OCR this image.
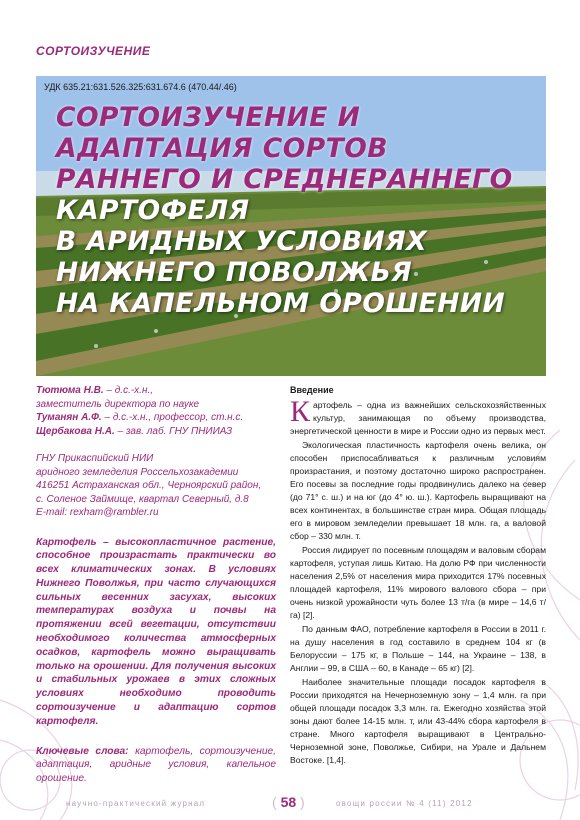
СОРТОИЗУЧЕНИЕ
УДК 635.21:631.526.325:631.674.6 (470.44/.46)
СОРТОИЗУЧЕНИЕ И
АДАПТАЦИЯ СОРТОВ
РАННЕГО И СРЕДНЕРАННЕГО
КАРТОФЕЛЯ
В АРИДНЫХ УСЛОВИЯХ
НИЖНЕГО ПОВОЛЖЬЯ
НА КАПЕЛЬНОМ ОРОШЕНИИ

Тютюма Н.В. – д.с.-х.н.,

заместитель директора по науке

Туманян А.Ф. – д.с.-х.н., профессор, ст.н.с.

Щербакова Н.А. – зав. лаб. ГНУ ПНИИАЗ

ГНУ Прикаспийский НИИ

аридного земледелия Россельхозакадемии

416251 Астраханская обл., Черноярский район,

с. Соленое Займище, квартал Северный, д.8

E-mail: rexham@rambler.ru

Картофель – высокопластичное растение, способное произрастать практически во всех климатических зонах. В условиях Нижнего Поволжья, при часто случающихся сильных весенних засухах, высоких температурах воздуха и почвы на протяжении всей вегетации, отсутствии необходимого количества атмосферных осадков, картофель можно выращивать только на орошении. Для получения высоких и стабильных урожаев в этих сложных условиях необходимо проводить сортоизучение и адаптацию сортов картофеля.
Ключевые слова: картофель, сортоизучение, адаптация, аридные условия, капельное орошение.
Введение

Картофель – одна из важнейших сельскохозяйственных культур, занимающая по объему производства, энергетической ценности в мире и России одно из первых мест.

Экологическая пластичность картофеля очень велика, он способен приспосабливаться к различным условиям произрастания, и поэтому достаточно широко распространен. Его посевы за последние годы продвинулись далеко на север (до 71° с. ш.) и на юг (до 4° ю. ш.). Картофель выращивают на всех континентах, в большинстве стран мира. Общая площадь его в мировом земледелии превышает 18 млн. га, а валовой сбор – 330 млн. т.

Россия лидирует по посевным площадям и валовым сборам картофеля, уступая лишь Китаю. На долю РФ при численности населения 2,5% от населения мира приходится 17% посевных площадей картофеля, 11% мирового валового сбора – при очень низкой урожайности чуть более 13 т/га (в мире – 14,6 т/га) [2].

По данным ФАО, потребление картофеля в России в 2011 г. на душу населения в год составило в среднем 104 кг (в Белоруссии – 175 кг, в Польше – 144, на Украине – 138, в Англии – 99, в США – 60, в Канаде – 65 кг) [2].

Наиболее значительные площади посадок картофеля в России приходятся на Нечерноземную зону – 1,4 млн. га при общей площади посадок 3,3 млн. га. Ежегодно хозяйства этой зоны дают более 14-15 млн. т, или 43-44% сбора картофеля в стране. Много картофеля выращивают в Центрально-Черноземной зоне, Поволжье, Сибири, на Урале и Дальнем Востоке. [1,4].

научно-практический журнал	( 58 )	овощи россии № 4 (11) 2012
